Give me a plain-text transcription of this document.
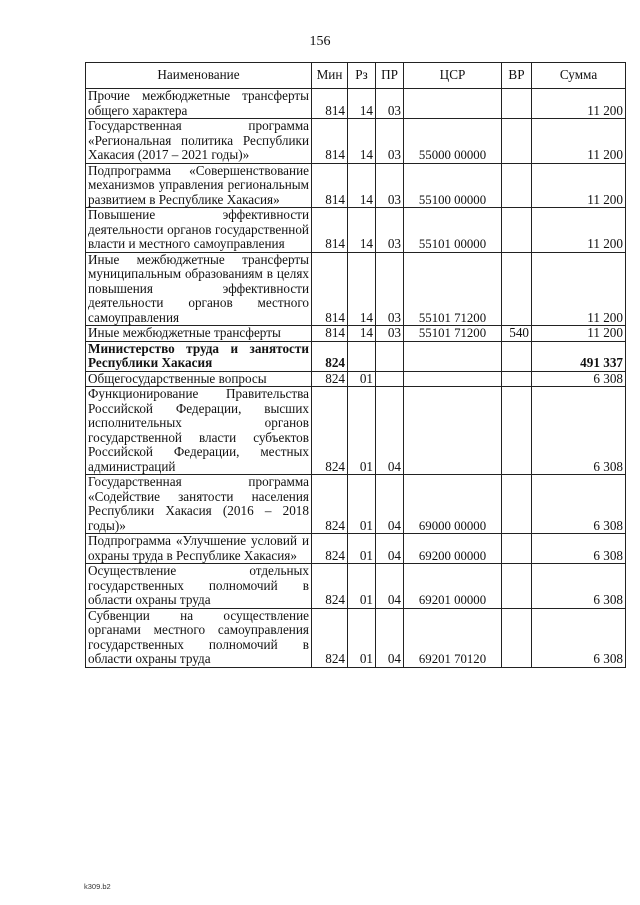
156
Наименование	Мин	Рз	ПР	ЦСР	ВР	Сумма
Прочие межбюджетные трансферты общего характера	814	14	03			11 200
Государственная программа «Региональная политика Республики Хакасия (2017 – 2021 годы)»	814	14	03	55000 00000		11 200
Подпрограмма «Совершенствование механизмов управления региональным развитием в Республике Хакасия»	814	14	03	55100 00000		11 200
Повышение эффективности деятельности органов государственной власти и местного самоуправления	814	14	03	55101 00000		11 200
Иные межбюджетные трансферты муниципальным образованиям в целях повышения эффективности деятельности органов местного самоуправления	814	14	03	55101 71200		11 200
Иные межбюджетные трансферты	814	14	03	55101 71200	540	11 200
Министерство труда и занятости Республики Хакасия	824					491 337
Общегосударственные вопросы	824	01				6 308
Функционирование Правительства Российской Федерации, высших исполнительных органов государственной власти субъектов Российской Федерации, местных администраций	824	01	04			6 308
Государственная программа «Содействие занятости населения Республики Хакасия (2016 – 2018 годы)»	824	01	04	69000 00000		6 308
Подпрограмма «Улучшение условий и охраны труда в Республике Хакасия»	824	01	04	69200 00000		6 308
Осуществление отдельных государственных полномочий в области охраны труда	824	01	04	69201 00000		6 308
Субвенции на осуществление органами местного самоуправления государственных полномочий в области охраны труда	824	01	04	69201 70120		6 308
k309.b2
